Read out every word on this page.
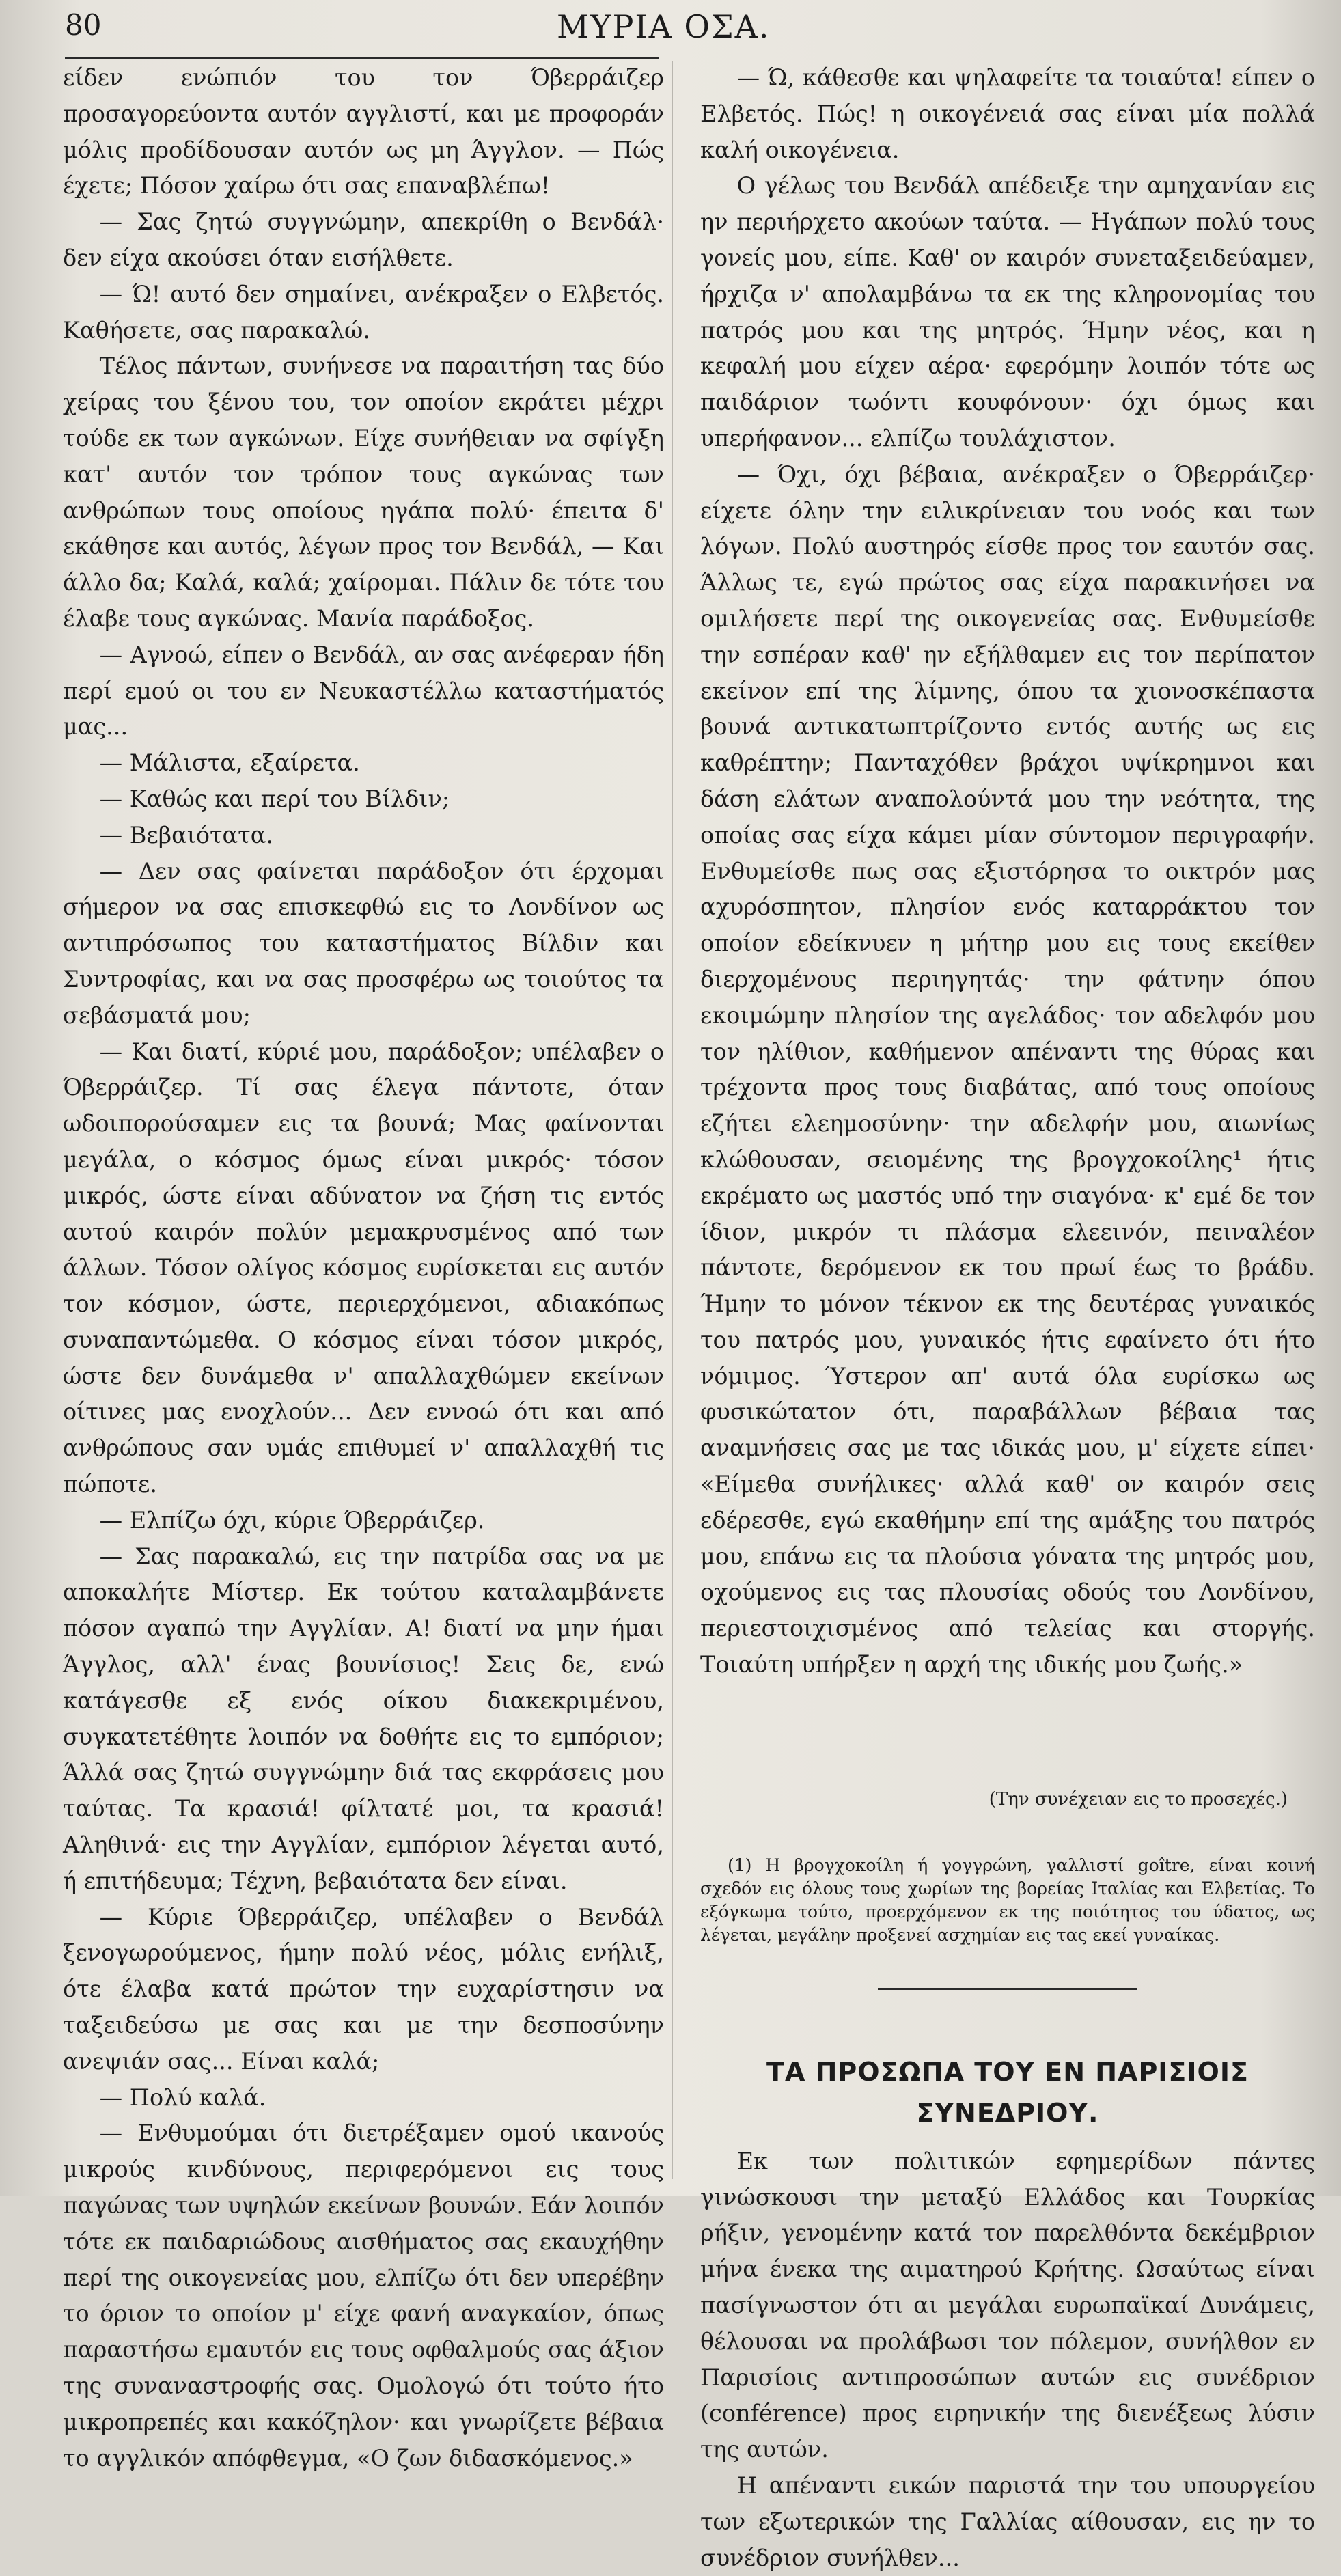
80	ΜΥΡΙΑ ΟΣΑ.

είδεν ενώπιόν του τον Όβερράιζερ προσαγορεύοντα αυτόν αγγλιστί, και με προφοράν μόλις προδίδουσαν αυτόν ως μη Άγγλον. — Πώς έχετε; Πόσον χαίρω ότι σας επαναβλέπω!

— Σας ζητώ συγγνώμην, απεκρίθη ο Βενδάλ· δεν είχα ακούσει όταν εισήλθετε.

— Ώ! αυτό δεν σημαίνει, ανέκραξεν ο Ελβετός. Καθήσετε, σας παρακαλώ.

Τέλος πάντων, συνήνεσε να παραιτήση τας δύο χείρας του ξένου του, τον οποίον εκράτει μέχρι τούδε εκ των αγκώνων. Είχε συνήθειαν να σφίγξη κατ' αυτόν τον τρόπον τους αγκώνας των ανθρώπων τους οποίους ηγάπα πολύ· έπειτα δ' εκάθησε και αυτός, λέγων προς τον Βενδάλ, — Και άλλο δα; Καλά, καλά; χαίρομαι. Πάλιν δε τότε του έλαβε τους αγκώνας. Μανία παράδοξος.

— Αγνοώ, είπεν ο Βενδάλ, αν σας ανέφεραν ήδη περί εμού οι του εν Νευκαστέλλω καταστήματός μας...

— Μάλιστα, εξαίρετα.

— Καθώς και περί του Βίλδιν;

— Βεβαιότατα.

— Δεν σας φαίνεται παράδοξον ότι έρχομαι σήμερον να σας επισκεφθώ εις το Λονδίνον ως αντιπρόσωπος του καταστήματος Βίλδιν και Συντροφίας, και να σας προσφέρω ως τοιούτος τα σεβάσματά μου;

— Και διατί, κύριέ μου, παράδοξον; υπέλαβεν ο Όβερράιζερ. Τί σας έλεγα πάντοτε, όταν ωδοιπορούσαμεν εις τα βουνά; Μας φαίνονται μεγάλα, ο κόσμος όμως είναι μικρός· τόσον μικρός, ώστε είναι αδύνατον να ζήση τις εντός αυτού καιρόν πολύν μεμακρυσμένος από των άλλων. Τόσον ολίγος κόσμος ευρίσκεται εις αυτόν τον κόσμον, ώστε, περιερχόμενοι, αδιακόπως συναπαντώμεθα. Ο κόσμος είναι τόσον μικρός, ώστε δεν δυνάμεθα ν' απαλλαχθώμεν εκείνων οίτινες μας ενοχλούν... Δεν εννοώ ότι και από ανθρώπους σαν υμάς επιθυμεί ν' απαλλαχθή τις πώποτε.

— Ελπίζω όχι, κύριε Όβερράιζερ.

— Σας παρακαλώ, εις την πατρίδα σας να με αποκαλήτε Μίστερ. Εκ τούτου καταλαμβάνετε πόσον αγαπώ την Αγγλίαν. Α! διατί να μην ήμαι Άγγλος, αλλ' ένας βουνίσιος! Σεις δε, ενώ κατάγεσθε εξ ενός οίκου διακεκριμένου, συγκατετέθητε λοιπόν να δοθήτε εις το εμπόριον; Άλλά σας ζητώ συγγνώμην διά τας εκφράσεις μου ταύτας. Τα κρασιά! φίλτατέ μοι, τα κρασιά! Αληθινά· εις την Αγγλίαν, εμπόριον λέγεται αυτό, ή επιτήδευμα; Τέχνη, βεβαιότατα δεν είναι.

— Κύριε Όβερράιζερ, υπέλαβεν ο Βενδάλ ξενογωρούμενος, ήμην πολύ νέος, μόλις ενήλιξ, ότε έλαβα κατά πρώτον την ευχαρίστησιν να ταξειδεύσω με σας και με την δεσποσύνην ανεψιάν σας... Είναι καλά;

— Πολύ καλά.

— Ενθυμούμαι ότι διετρέξαμεν ομού ικανούς μικρούς κινδύνους, περιφερόμενοι εις τους παγώνας των υψηλών εκείνων βουνών. Εάν λοιπόν τότε εκ παιδαριώδους αισθήματος σας εκαυχήθην περί της οικογενείας μου, ελπίζω ότι δεν υπερέβην το όριον το οποίον μ' είχε φανή αναγκαίον, όπως παραστήσω εμαυτόν εις τους οφθαλμούς σας άξιον της συναναστροφής σας. Ομολογώ ότι τούτο ήτο μικροπρεπές και κακόζηλον· και γνωρίζετε βέβαια το αγγλικόν απόφθεγμα, «Ο ζων διδασκόμενος.»

— Ώ, κάθεσθε και ψηλαφείτε τα τοιαύτα! είπεν ο Ελβετός. Πώς! η οικογένειά σας είναι μία πολλά καλή οικογένεια.

Ο γέλως του Βενδάλ απέδειξε την αμηχανίαν εις ην περιήρχετο ακούων ταύτα. — Ηγάπων πολύ τους γονείς μου, είπε. Καθ' ον καιρόν συνεταξειδεύαμεν, ήρχιζα ν' απολαμβάνω τα εκ της κληρονομίας του πατρός μου και της μητρός. Ήμην νέος, και η κεφαλή μου είχεν αέρα· εφερόμην λοιπόν τότε ως παιδάριον τωόντι κουφόνουν· όχι όμως και υπερήφανον... ελπίζω τουλάχιστον.

— Όχι, όχι βέβαια, ανέκραξεν ο Όβερράιζερ· είχετε όλην την ειλικρίνειαν του νοός και των λόγων. Πολύ αυστηρός είσθε προς τον εαυτόν σας. Άλλως τε, εγώ πρώτος σας είχα παρακινήσει να ομιλήσετε περί της οικογενείας σας. Ενθυμείσθε την εσπέραν καθ' ην εξήλθαμεν εις τον περίπατον εκείνον επί της λίμνης, όπου τα χιονοσκέπαστα βουνά αντικατωπτρίζοντο εντός αυτής ως εις καθρέπτην; Πανταχόθεν βράχοι υψίκρημνοι και δάση ελάτων αναπολούντά μου την νεότητα, της οποίας σας είχα κάμει μίαν σύντομον περιγραφήν. Ενθυμείσθε πως σας εξιστόρησα το οικτρόν μας αχυρόσπητον, πλησίον ενός καταρράκτου τον οποίον εδείκνυεν η μήτηρ μου εις τους εκείθεν διερχομένους περιηγητάς· την φάτνην όπου εκοιμώμην πλησίον της αγελάδος· τον αδελφόν μου τον ηλίθιον, καθήμενον απέναντι της θύρας και τρέχοντα προς τους διαβάτας, από τους οποίους εζήτει ελεημοσύνην· την αδελφήν μου, αιωνίως κλώθουσαν, σειομένης της βρογχοκοίλης¹ ήτις εκρέματο ως μαστός υπό την σιαγόνα· κ' εμέ δε τον ίδιον, μικρόν τι πλάσμα ελεεινόν, πειναλέον πάντοτε, δερόμενον εκ του πρωί έως το βράδυ. Ήμην το μόνον τέκνον εκ της δευτέρας γυναικός του πατρός μου, γυναικός ήτις εφαίνετο ότι ήτο νόμιμος. Ύστερον απ' αυτά όλα ευρίσκω ως φυσικώτατον ότι, παραβάλλων βέβαια τας αναμνήσεις σας με τας ιδικάς μου, μ' είχετε είπει· «Είμεθα συνήλικες· αλλά καθ' ον καιρόν σεις εδέρεσθε, εγώ εκαθήμην επί της αμάξης του πατρός μου, επάνω εις τα πλούσια γόνατα της μητρός μου, οχούμενος εις τας πλουσίας οδούς του Λονδίνου, περιεστοιχισμένος από τελείας και στοργής. Τοιαύτη υπήρξεν η αρχή της ιδικής μου ζωής.»

(Την συνέχειαν εις το προσεχές.)

(1) Η βρογχοκοίλη ή γογγρώνη, γαλλιστί goître, είναι κοινή σχεδόν εις όλους τους χωρίων της βορείας Ιταλίας και Ελβετίας. Το εξόγκωμα τούτο, προερχόμενον εκ της ποιότητος του ύδατος, ως λέγεται, μεγάλην προξενεί ασχημίαν εις τας εκεί γυναίκας.

ΤΑ ΠΡΟΣΩΠΑ ΤΟΥ ΕΝ ΠΑΡΙΣΙΟΙΣ ΣΥΝΕΔΡΙΟΥ.

Εκ των πολιτικών εφημερίδων πάντες γινώσκουσι την μεταξύ Ελλάδος και Τουρκίας ρήξιν, γενομένην κατά τον παρελθόντα δεκέμβριον μήνα ένεκα της αιματηρού Κρήτης. Ωσαύτως είναι πασίγνωστον ότι αι μεγάλαι ευρωπαϊκαί Δυνάμεις, θέλουσαι να προλάβωσι τον πόλεμον, συνήλθον εν Παρισίοις αντιπροσώπων αυτών εις συνέδριον (conférence) προς ειρηνικήν της διενέξεως λύσιν της αυτών.

Η απέναντι εικών παριστά την του υπουργείου των εξωτερικών της Γαλλίας αίθουσαν, εις ην το συνέδριον συνήλθεν...
